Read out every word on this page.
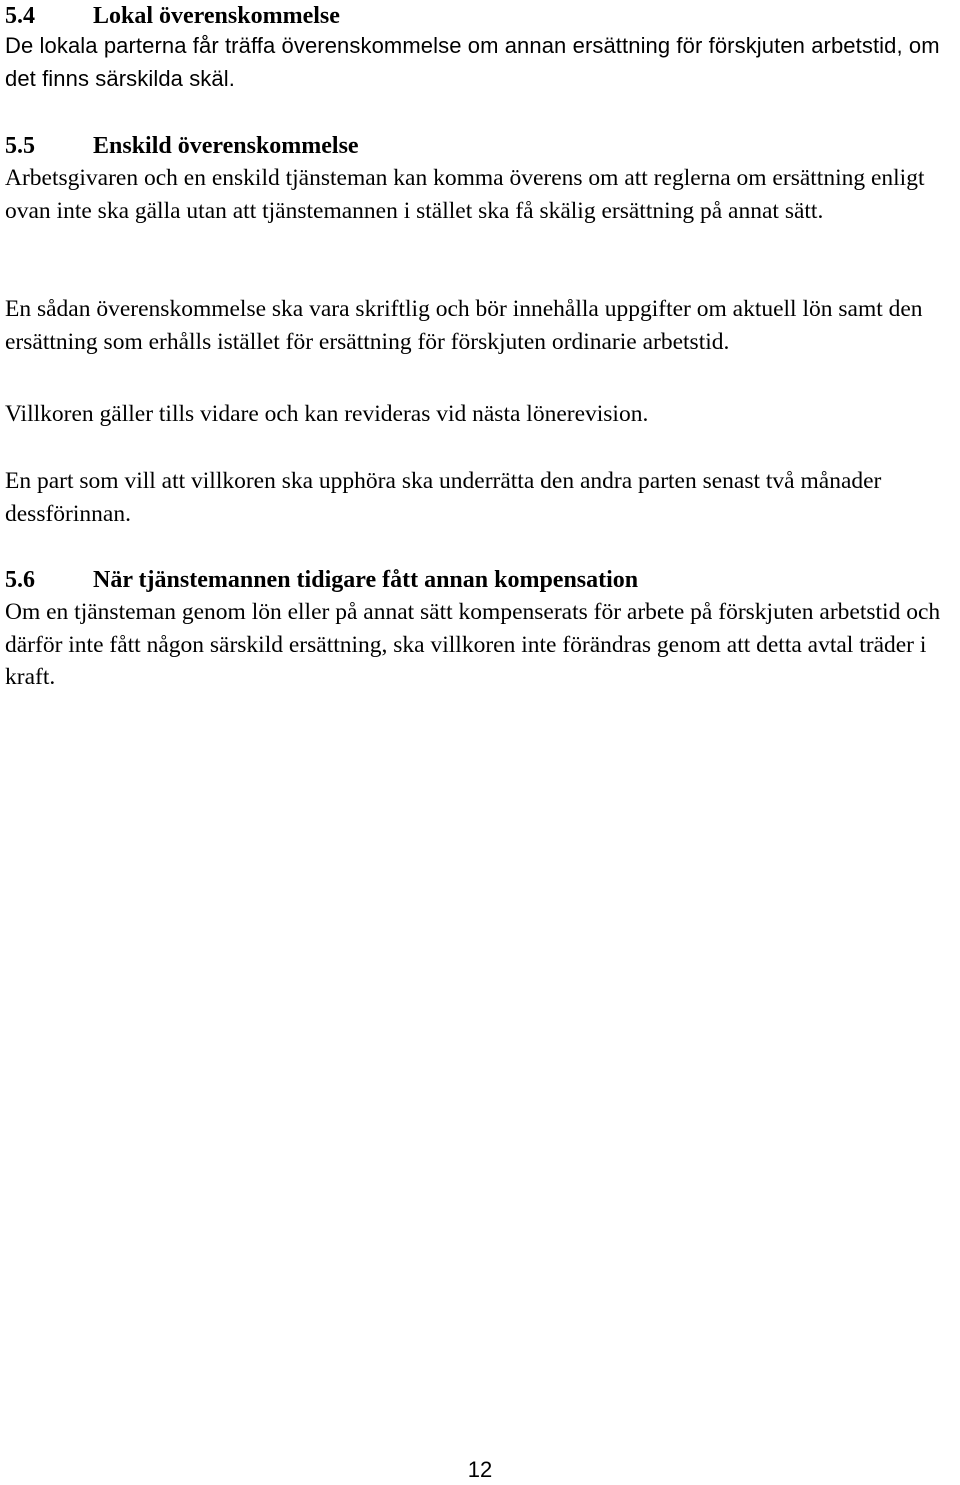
5.4 Lokal överenskommelse

De lokala parterna får träffa överenskommelse om annan ersättning för förskjuten arbetstid, om det finns särskilda skäl.

5.5 Enskild överenskommelse

Arbetsgivaren och en enskild tjänsteman kan komma överens om att reglerna om ersättning enligt ovan inte ska gälla utan att tjänstemannen i stället ska få skälig ersättning på annat sätt.

En sådan överenskommelse ska vara skriftlig och bör innehålla uppgifter om aktuell lön samt den ersättning som erhålls istället för ersättning för förskjuten ordinarie arbetstid.

Villkoren gäller tills vidare och kan revideras vid nästa lönerevision.

En part som vill att villkoren ska upphöra ska underrätta den andra parten senast två månader dessförinnan.

5.6 När tjänstemannen tidigare fått annan kompensation

Om en tjänsteman genom lön eller på annat sätt kompenserats för arbete på förskjuten arbetstid och därför inte fått någon särskild ersättning, ska villkoren inte förändras genom att detta avtal träder i kraft.

12
